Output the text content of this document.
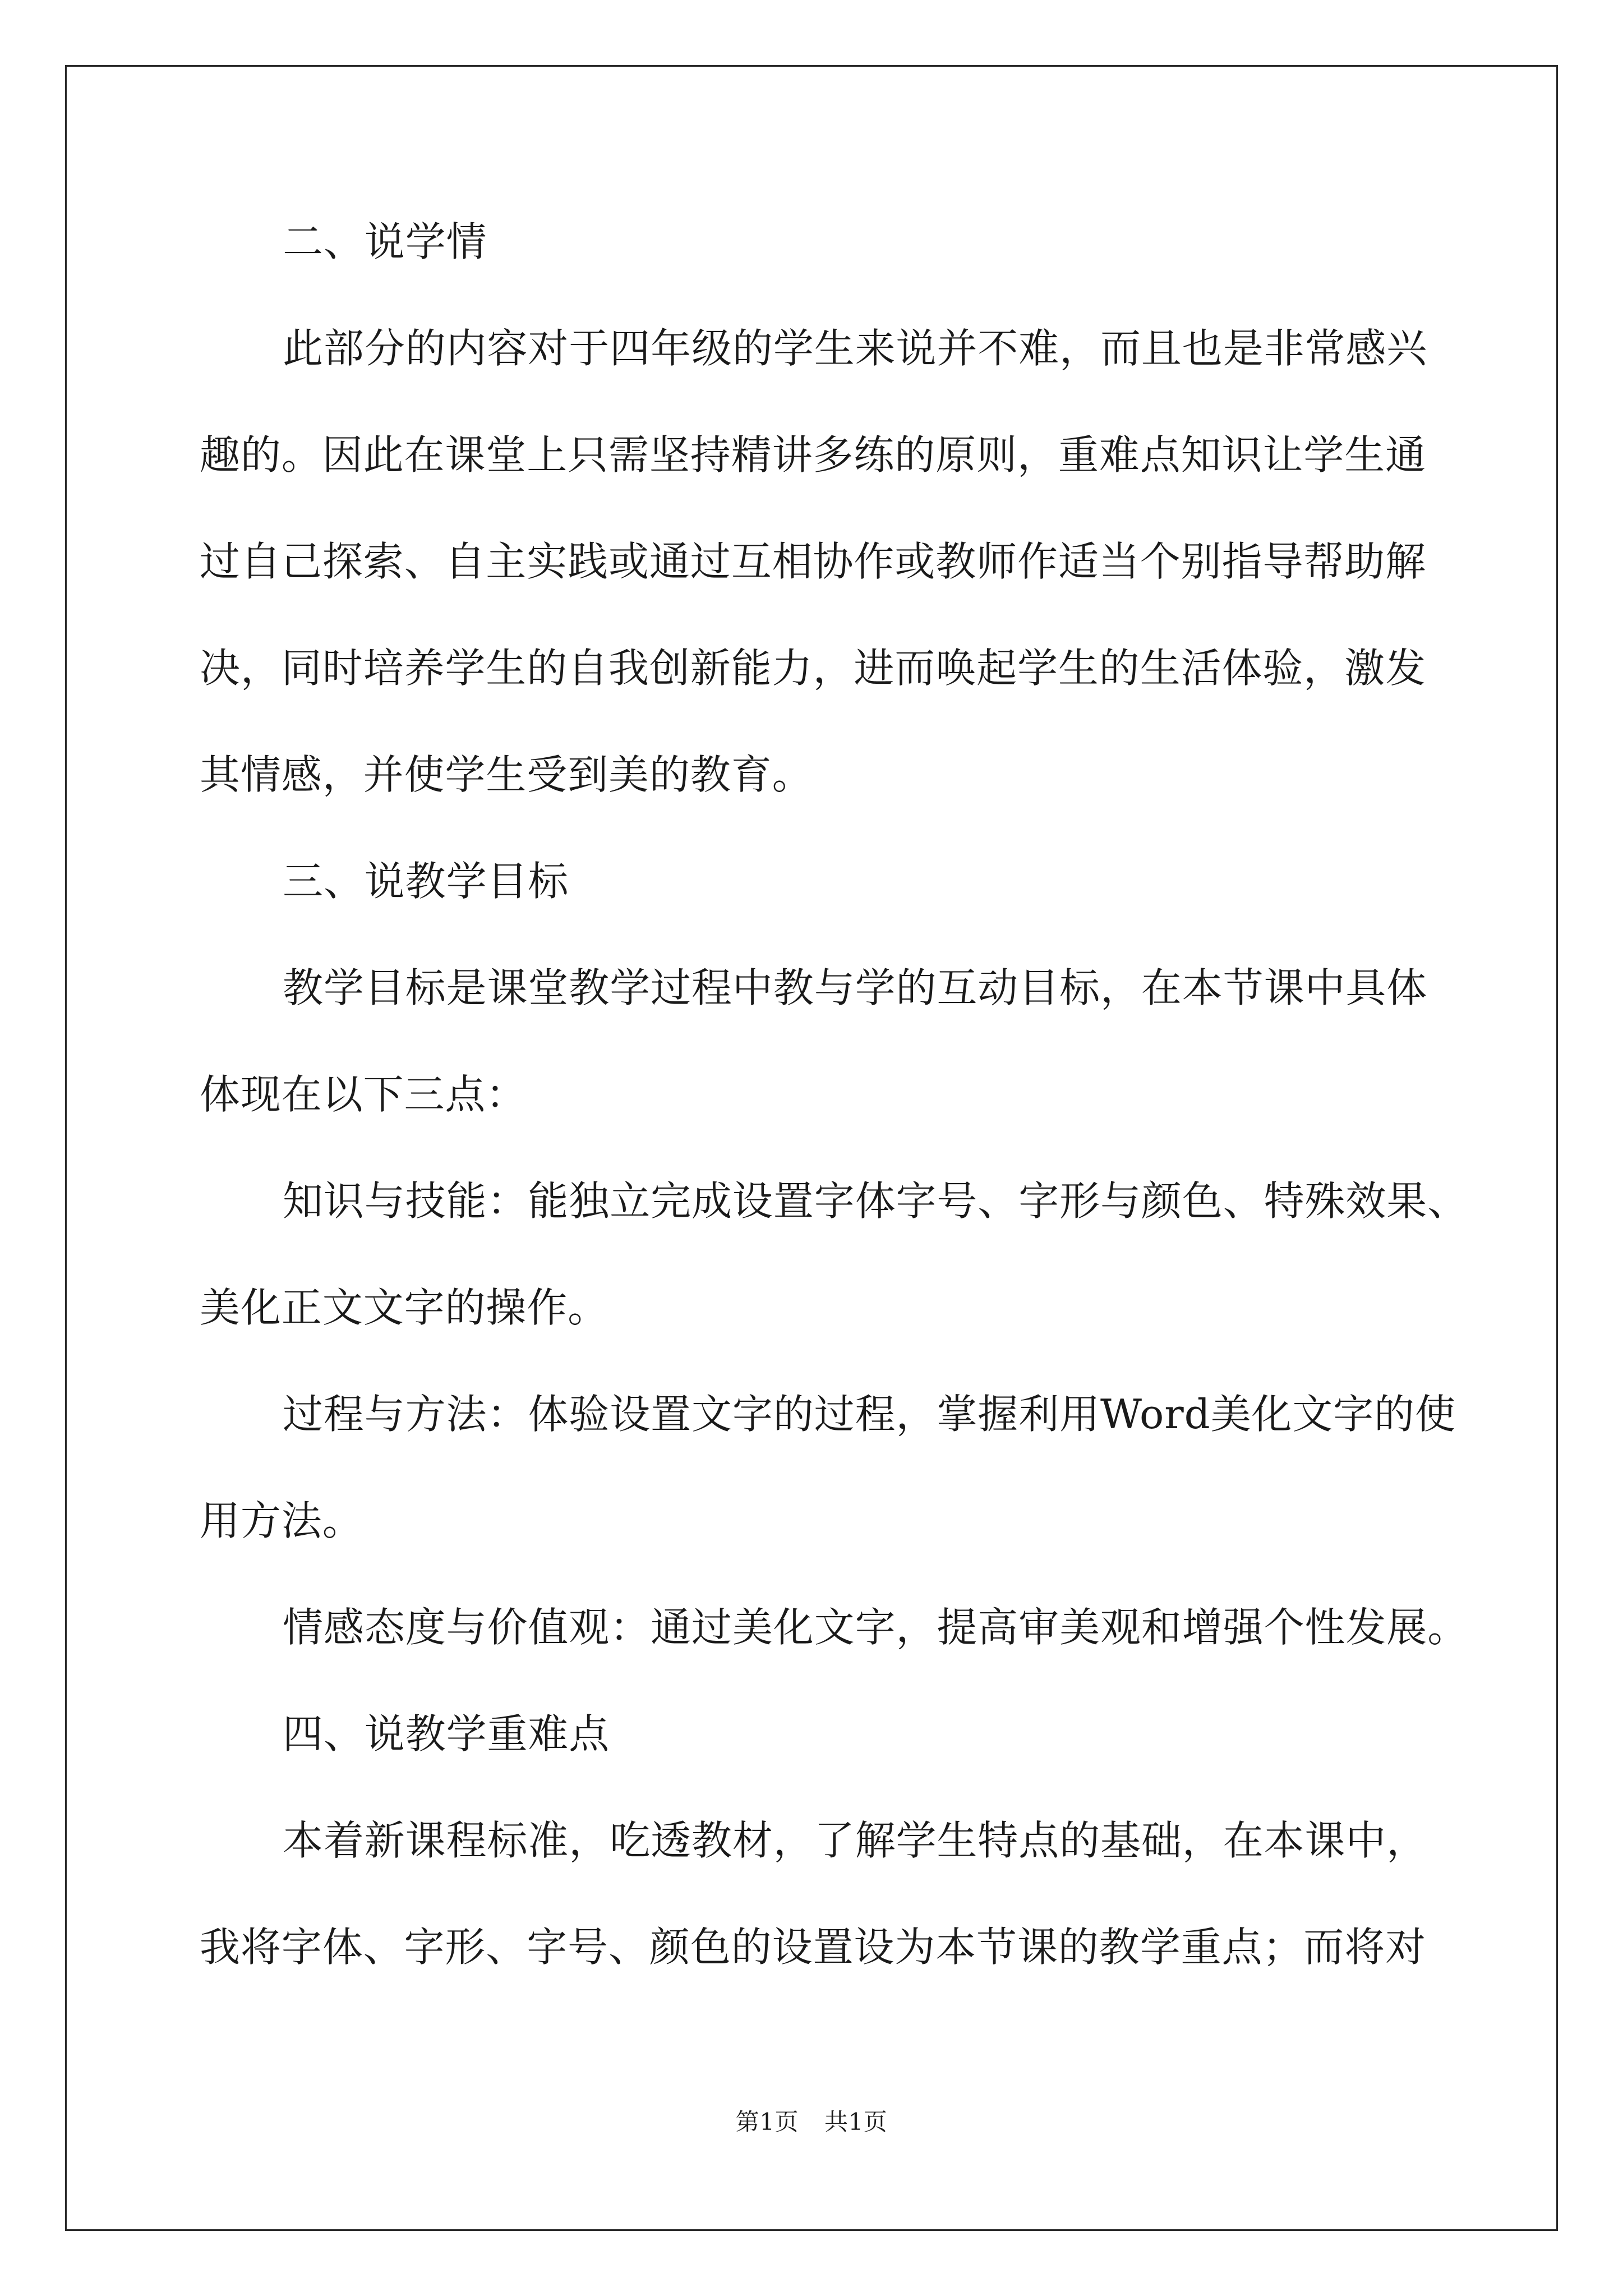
二、说学情
此部分的内容对于四年级的学生来说并不难，而且也是非常感兴
趣的。因此在课堂上只需坚持精讲多练的原则，重难点知识让学生通
过自己探索、自主实践或通过互相协作或教师作适当个别指导帮助解
决，同时培养学生的自我创新能力，进而唤起学生的生活体验，激发
其情感，并使学生受到美的教育。
三、说教学目标
教学目标是课堂教学过程中教与学的互动目标，在本节课中具体
体现在以下三点：
知识与技能：能独立完成设置字体字号、字形与颜色、特殊效果、
美化正文文字的操作。
过程与方法：体验设置文字的过程，掌握利用Word美化文字的使
用方法。
情感态度与价值观：通过美化文字，提高审美观和增强个性发展。
四、说教学重难点
本着新课程标准，吃透教材，了解学生特点的基础，在本课中，
我将字体、字形、字号、颜色的设置设为本节课的教学重点；而将对
第1页 共1页
